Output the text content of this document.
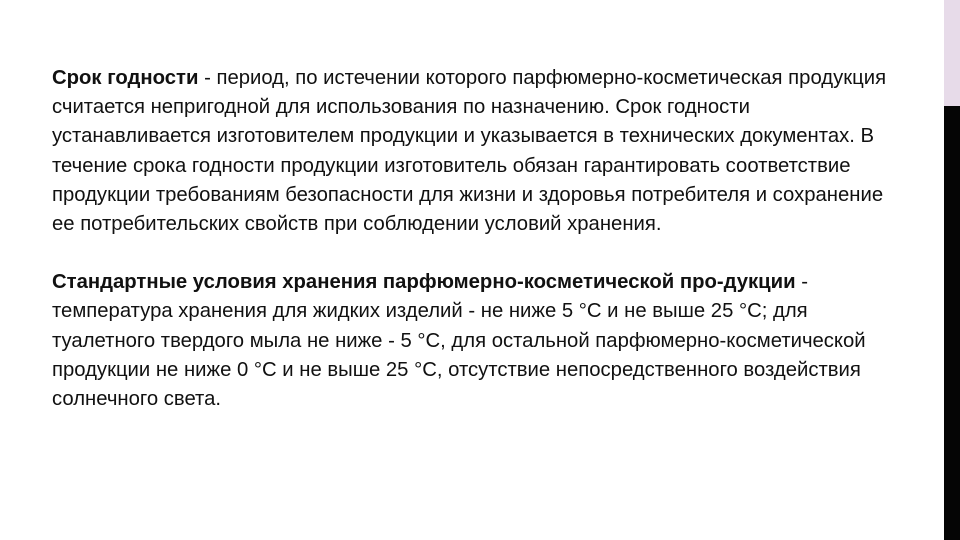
Срок годности - период, по истечении которого парфюмерно-косметическая продукция считается непригодной для использования по назначению. Срок годности устанавливается изготовителем продукции и указывается в технических документах. В течение срока годности продукции изготовитель обязан гарантировать соответствие продукции требованиям безопасности для жизни и здоровья потребителя и сохранение ее потребительских свойств при соблюдении условий хранения.

Стандартные условия хранения парфюмерно-косметической про-дукции - температура хранения для жидких изделий - не ниже 5 °С и не выше 25 °С; для туалетного твердого мыла не ниже - 5 °С, для остальной парфюмерно-косметической продукции не ниже 0 °С и не выше 25 °С, отсутствие непосредственного воздействия солнечного света.
